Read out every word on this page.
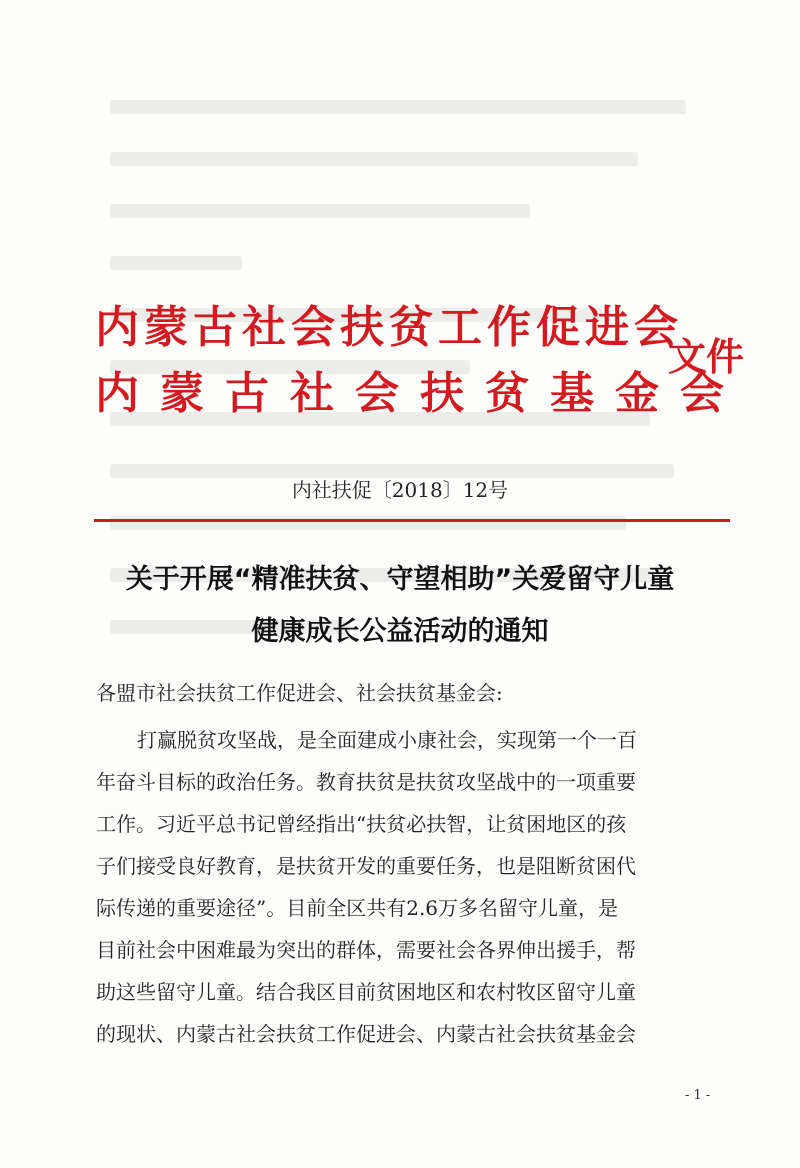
内蒙古社会扶贫工作促进会
内蒙古社会扶贫基金会
文件
内社扶促〔2018〕12号
关于开展“精准扶贫、守望相助”关爱留守儿童
健康成长公益活动的通知
各盟市社会扶贫工作促进会、社会扶贫基金会:
打赢脱贫攻坚战，是全面建成小康社会，实现第一个一百
年奋斗目标的政治任务。教育扶贫是扶贫攻坚战中的一项重要
工作。习近平总书记曾经指出“扶贫必扶智，让贫困地区的孩
子们接受良好教育，是扶贫开发的重要任务，也是阻断贫困代
际传递的重要途径”。目前全区共有2.6万多名留守儿童，是
目前社会中困难最为突出的群体，需要社会各界伸出援手，帮
助这些留守儿童。结合我区目前贫困地区和农村牧区留守儿童
的现状、内蒙古社会扶贫工作促进会、内蒙古社会扶贫基金会
- 1 -
